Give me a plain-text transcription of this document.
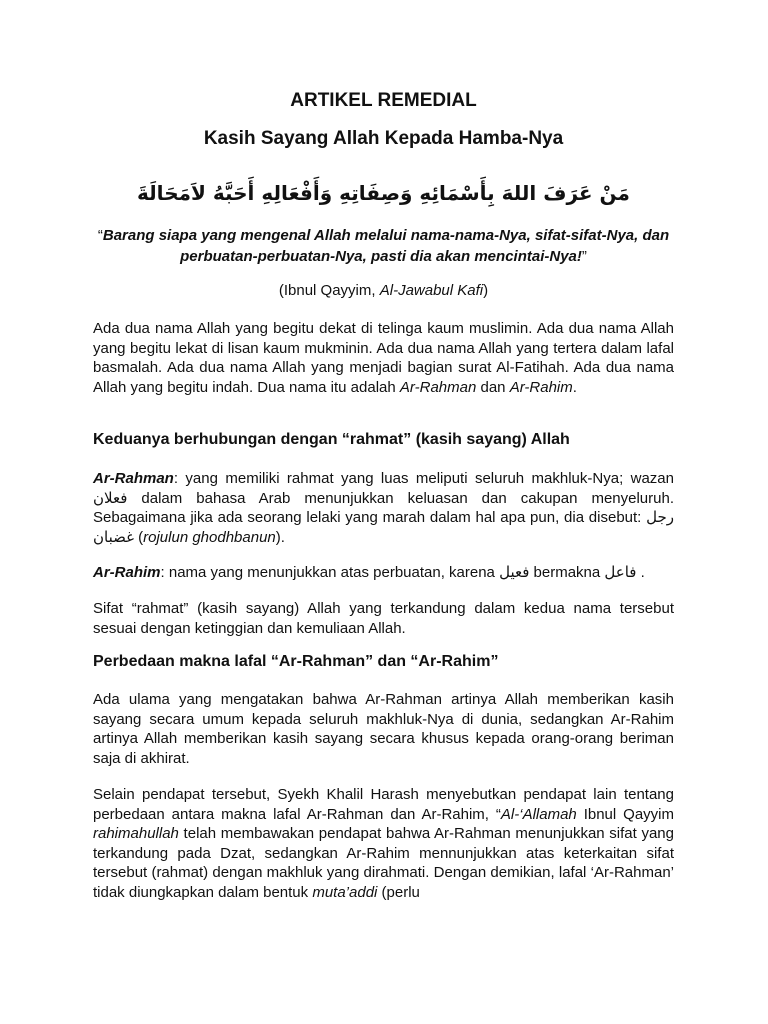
ARTIKEL REMEDIAL
Kasih Sayang Allah Kepada Hamba-Nya

مَنْ عَرَفَ اللهَ بِأَسْمَائِهِ وَصِفَاتِهِ وَأَفْعَالِهِ أَحَبَّهُ لاَمَحَالَةَ

“Barang siapa yang mengenal Allah melalui nama-nama-Nya, sifat-sifat-Nya, dan perbuatan-perbuatan-Nya, pasti dia akan mencintai-Nya!”

(Ibnul Qayyim, Al-Jawabul Kafi)

Ada dua nama Allah yang begitu dekat di telinga kaum muslimin. Ada dua nama Allah yang begitu lekat di lisan kaum mukminin. Ada dua nama Allah yang tertera dalam lafal basmalah. Ada dua nama Allah yang menjadi bagian surat Al-Fatihah. Ada dua nama Allah yang begitu indah. Dua nama itu adalah Ar-Rahman dan Ar-Rahim.

Keduanya berhubungan dengan “rahmat” (kasih sayang) Allah

Ar-Rahman: yang memiliki rahmat yang luas meliputi seluruh makhluk-Nya; wazan فعلان dalam bahasa Arab menunjukkan keluasan dan cakupan menyeluruh. Sebagaimana jika ada seorang lelaki yang marah dalam hal apa pun, dia disebut: رجل غضبان (rojulun ghodhbanun).

Ar-Rahim: nama yang menunjukkan atas perbuatan, karena فعيل bermakna فاعل .

Sifat “rahmat” (kasih sayang) Allah yang terkandung dalam kedua nama tersebut sesuai dengan ketinggian dan kemuliaan Allah.

Perbedaan makna lafal “Ar-Rahman” dan “Ar-Rahim”

Ada ulama yang mengatakan bahwa Ar-Rahman artinya Allah memberikan kasih sayang secara umum kepada seluruh makhluk-Nya di dunia, sedangkan Ar-Rahim artinya Allah memberikan kasih sayang secara khusus kepada orang-orang beriman saja di akhirat.

Selain pendapat tersebut, Syekh Khalil Harash menyebutkan pendapat lain tentang perbedaan antara makna lafal Ar-Rahman dan Ar-Rahim, “Al-‘Allamah Ibnul Qayyim rahimahullah telah membawakan pendapat bahwa Ar-Rahman menunjukkan sifat yang terkandung pada Dzat, sedangkan Ar-Rahim mennunjukkan atas keterkaitan sifat tersebut (rahmat) dengan makhluk yang dirahmati. Dengan demikian, lafal ‘Ar-Rahman’ tidak diungkapkan dalam bentuk muta’addi (perlu
